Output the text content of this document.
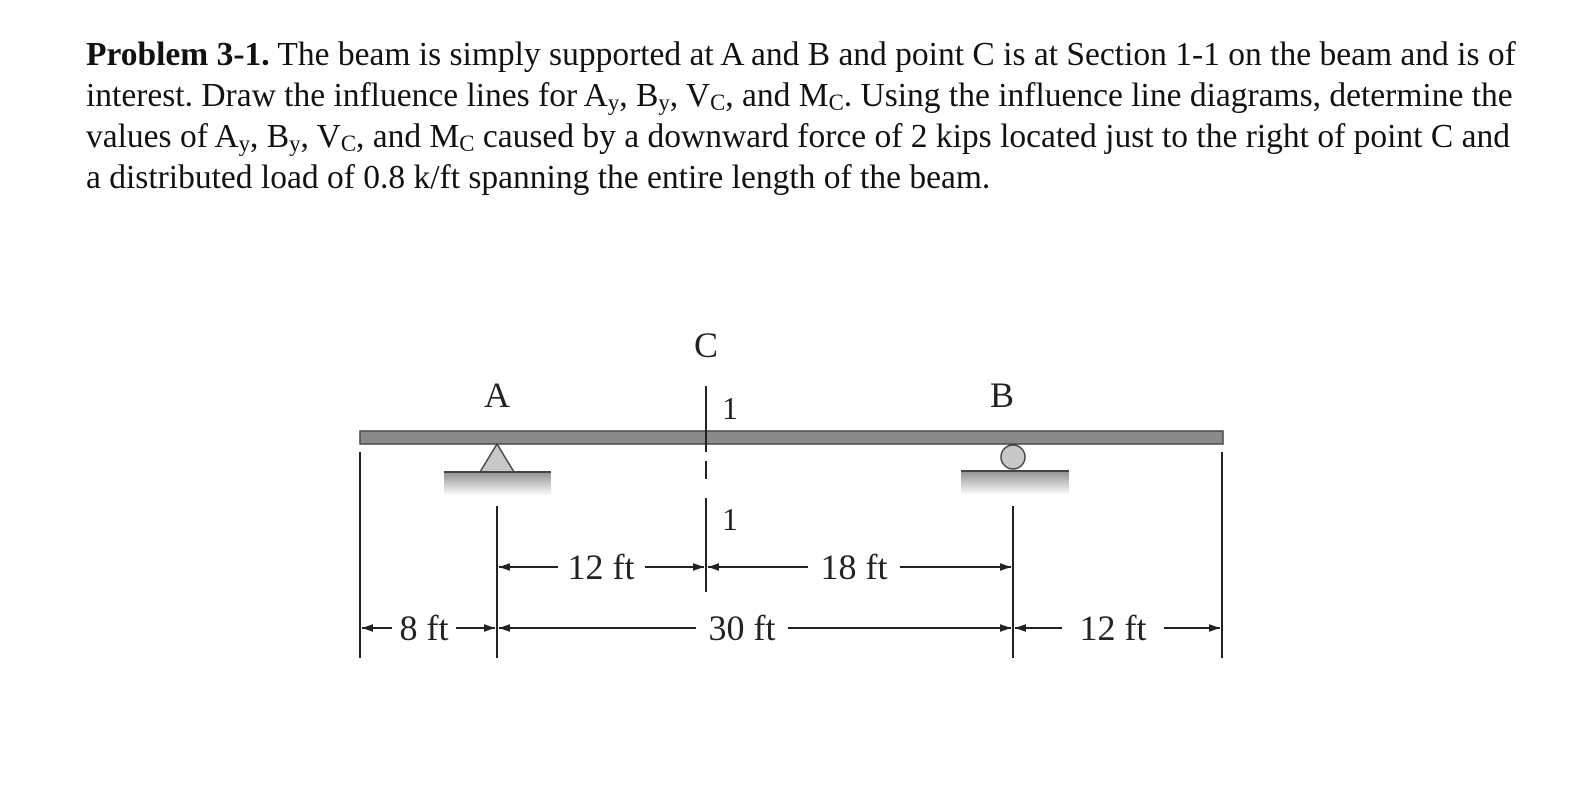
Problem 3-1. The beam is simply supported at A and B and point C is at Section 1-1 on the beam and is of interest. Draw the influence lines for $A_y$, $B_y$, $V_C$, and $M_C$. Using the influence line diagrams, determine the values of $A_y$, $B_y$, $V_C$, and $M_C$ caused by a downward force of 2 kips located just to the right of point C and a distributed load of 0.8 k/ft spanning the entire length of the beam.

C
A	B
1
1
12 ft	18 ft
8 ft	30 ft	12 ft
